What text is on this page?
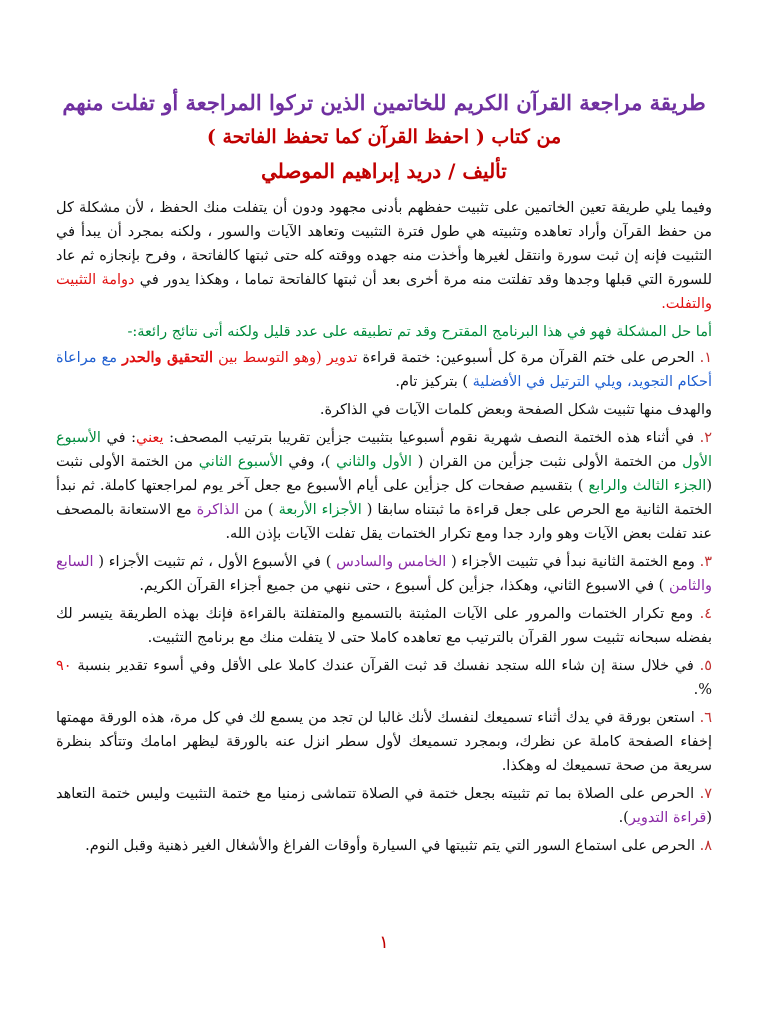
طريقة مراجعة القرآن الكريم للخاتمين الذين تركوا المراجعة أو تفلت منهم

من كتاب ( احفظ القرآن كما تحفظ الفاتحة )

تأليف / دريد إبراهيم الموصلي

وفيما يلي طريقة تعين الخاتمين على تثبيت حفظهم بأدنى مجهود ودون أن يتفلت منك الحفظ ، لأن مشكلة كل من حفظ القرآن وأراد تعاهده وتثبيته هي طول فترة التثبيت وتعاهد الآيات والسور ، ولكنه بمجرد أن يبدأ في التثبيت فإنه إن ثبت سورة وانتقل لغيرها وأخذت منه جهده ووقته كله حتى ثبتها كالفاتحة ، وفرح بإنجازه ثم عاد للسورة التي قبلها وجدها وقد تفلتت منه مرة أخرى بعد أن ثبتها كالفاتحة تماما ، وهكذا يدور في دوامة التثبيت والتفلت.

أما حل المشكلة فهو في هذا البرنامج المقترح وقد تم تطبيقه على عدد قليل ولكنه أتى نتائج رائعة:-

١. الحرص على ختم القرآن مرة كل أسبوعين: ختمة قراءة تدوير (وهو التوسط بين التحقيق والحدر مع مراعاة أحكام التجويد، ويلي الترتيل في الأفضلية ) بتركيز تام.
والهدف منها تثبيت شكل الصفحة وبعض كلمات الآيات في الذاكرة.
٢. في أثناء هذه الختمة النصف شهرية نقوم أسبوعيا بتثبيت جزأين تقريبا بترتيب المصحف: يعني: في الأسبوع الأول من الختمة الأولى نثبت جزأين من القران ( الأول والثاني )، وفي الأسبوع الثاني من الختمة الأولى نثبت (الجزء الثالث والرابع ) بتقسيم صفحات كل جزأين على أيام الأسبوع مع جعل آخر يوم لمراجعتها كاملة. ثم نبدأ الختمة الثانية مع الحرص على جعل قراءة ما ثبتناه سابقا ( الأجزاء الأربعة ) من الذاكرة مع الاستعانة بالمصحف عند تفلت بعض الآيات وهو وارد جدا ومع تكرار الختمات يقل تفلت الآيات بإذن الله.
٣. ومع الختمة الثانية نبدأ في تثبيت الأجزاء ( الخامس والسادس ) في الأسبوع الأول ، ثم تثبيت الأجزاء ( السابع والثامن ) في الاسبوع الثاني، وهكذا، جزأين كل أسبوع ، حتى ننهي من جميع أجزاء القرآن الكريم.
٤. ومع تكرار الختمات والمرور على الآيات المثبتة بالتسميع والمتفلتة بالقراءة فإنك بهذه الطريقة يتيسر لك بفضله سبحانه تثبيت سور القرآن بالترتيب مع تعاهده كاملا حتى لا يتفلت منك مع برنامج التثبيت.
٥. في خلال سنة إن شاء الله ستجد نفسك قد ثبت القرآن عندك كاملا على الأقل وفي أسوء تقدير بنسبة ٩٠ %.
٦. استعن بورقة في يدك أثناء تسميعك لنفسك لأنك غالبا لن تجد من يسمع لك في كل مرة، هذه الورقة مهمتها إخفاء الصفحة كاملة عن نظرك، وبمجرد تسميعك لأول سطر انزل عنه بالورقة ليظهر امامك وتتأكد بنظرة سريعة من صحة تسميعك له وهكذا.
٧. الحرص على الصلاة بما تم تثبيته بجعل ختمة في الصلاة تتماشى زمنيا مع ختمة التثبيت وليس ختمة التعاهد (قراءة التدوير).
٨. الحرص على استماع السور التي يتم تثبيتها في السيارة وأوقات الفراغ والأشغال الغير ذهنية وقبل النوم.
١
